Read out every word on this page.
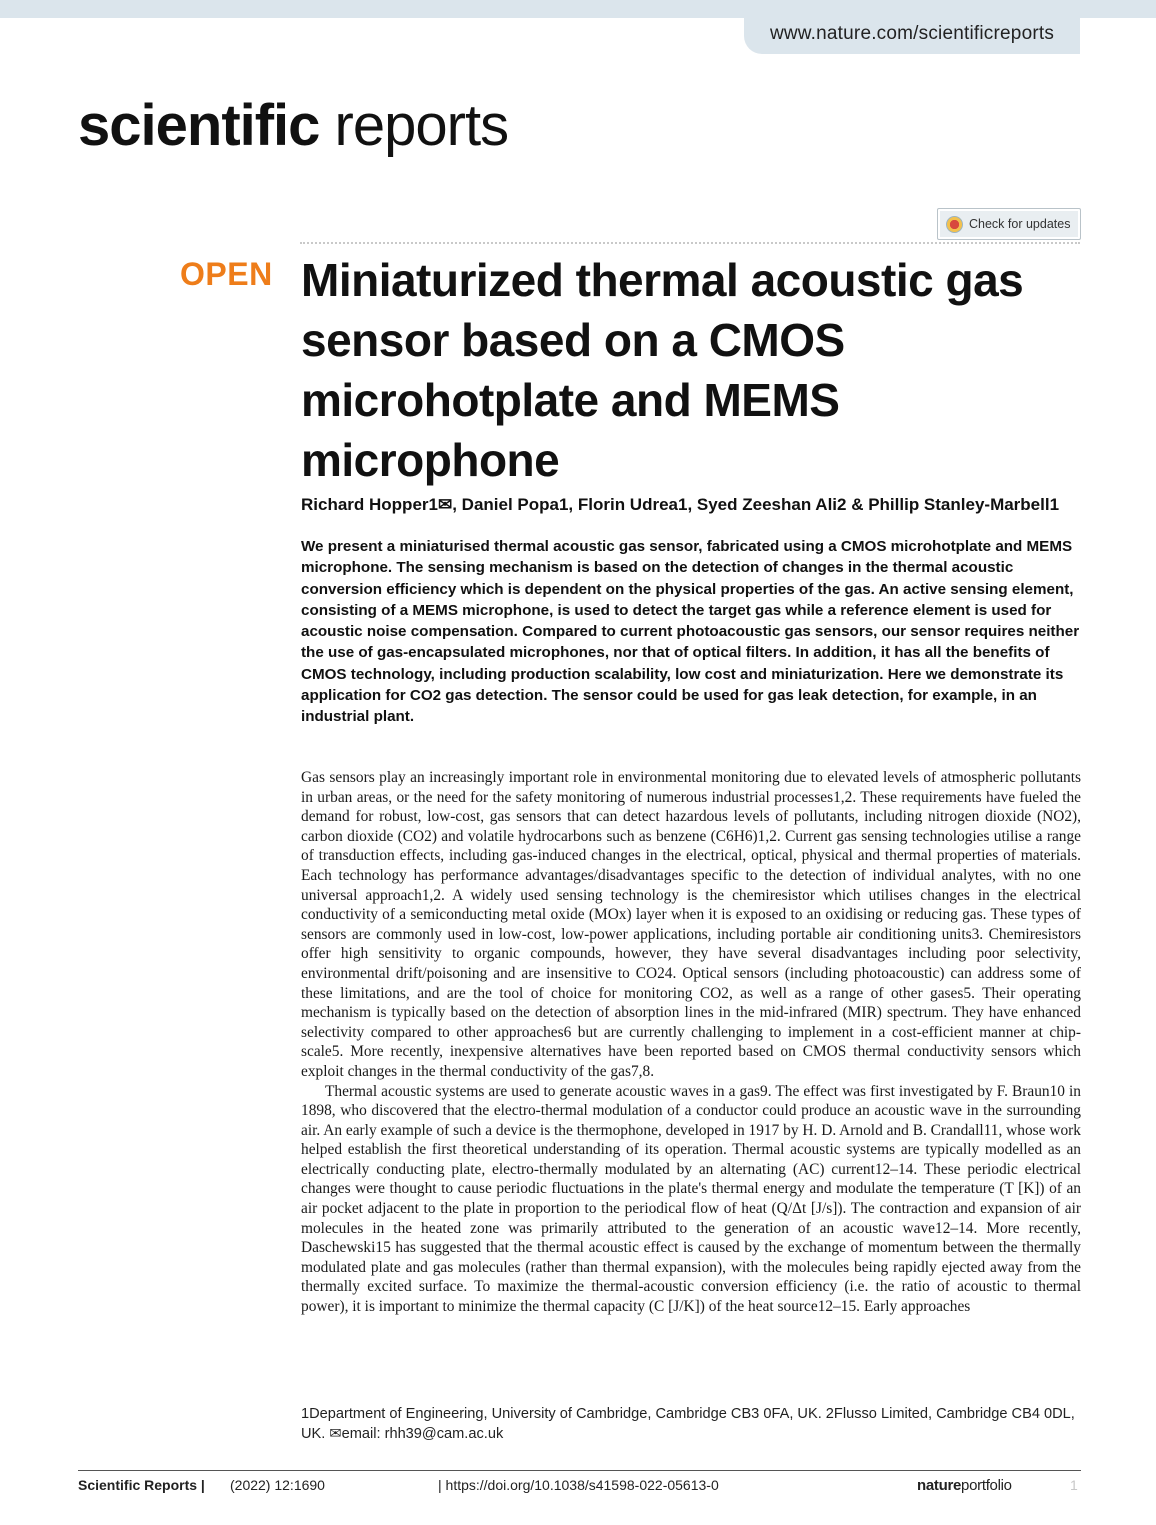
www.nature.com/scientificreports
scientific reports
Check for updates
OPEN Miniaturized thermal acoustic gas sensor based on a CMOS microhotplate and MEMS microphone
Richard Hopper1✉, Daniel Popa1, Florin Udrea1, Syed Zeeshan Ali2 & Phillip Stanley-Marbell1

We present a miniaturised thermal acoustic gas sensor, fabricated using a CMOS microhotplate and MEMS microphone. The sensing mechanism is based on the detection of changes in the thermal acoustic conversion efficiency which is dependent on the physical properties of the gas. An active sensing element, consisting of a MEMS microphone, is used to detect the target gas while a reference element is used for acoustic noise compensation. Compared to current photoacoustic gas sensors, our sensor requires neither the use of gas-encapsulated microphones, nor that of optical filters. In addition, it has all the benefits of CMOS technology, including production scalability, low cost and miniaturization. Here we demonstrate its application for CO2 gas detection. The sensor could be used for gas leak detection, for example, in an industrial plant.

Gas sensors play an increasingly important role in environmental monitoring due to elevated levels of atmospheric pollutants in urban areas, or the need for the safety monitoring of numerous industrial processes1,2. These requirements have fueled the demand for robust, low-cost, gas sensors that can detect hazardous levels of pollutants, including nitrogen dioxide (NO2), carbon dioxide (CO2) and volatile hydrocarbons such as benzene (C6H6)1,2. Current gas sensing technologies utilise a range of transduction effects, including gas-induced changes in the electrical, optical, physical and thermal properties of materials. Each technology has performance advantages/disadvantages specific to the detection of individual analytes, with no one universal approach1,2. A widely used sensing technology is the chemiresistor which utilises changes in the electrical conductivity of a semiconducting metal oxide (MOx) layer when it is exposed to an oxidising or reducing gas. These types of sensors are commonly used in low-cost, low-power applications, including portable air conditioning units3. Chemiresistors offer high sensitivity to organic compounds, however, they have several disadvantages including poor selectivity, environmental drift/poisoning and are insensitive to CO24. Optical sensors (including photoacoustic) can address some of these limitations, and are the tool of choice for monitoring CO2, as well as a range of other gases5. Their operating mechanism is typically based on the detection of absorption lines in the mid-infrared (MIR) spectrum. They have enhanced selectivity compared to other approaches6 but are currently challenging to implement in a cost-efficient manner at chip-scale5. More recently, inexpensive alternatives have been reported based on CMOS thermal conductivity sensors which exploit changes in the thermal conductivity of the gas7,8.

Thermal acoustic systems are used to generate acoustic waves in a gas9. The effect was first investigated by F. Braun10 in 1898, who discovered that the electro-thermal modulation of a conductor could produce an acoustic wave in the surrounding air. An early example of such a device is the thermophone, developed in 1917 by H. D. Arnold and B. Crandall11, whose work helped establish the first theoretical understanding of its operation. Thermal acoustic systems are typically modelled as an electrically conducting plate, electro-thermally modulated by an alternating (AC) current12–14. These periodic electrical changes were thought to cause periodic fluctuations in the plate's thermal energy and modulate the temperature (T [K]) of an air pocket adjacent to the plate in proportion to the periodical flow of heat (Q/Δt [J/s]). The contraction and expansion of air molecules in the heated zone was primarily attributed to the generation of an acoustic wave12–14. More recently, Daschewski15 has suggested that the thermal acoustic effect is caused by the exchange of momentum between the thermally modulated plate and gas molecules (rather than thermal expansion), with the molecules being rapidly ejected away from the thermally excited surface. To maximize the thermal-acoustic conversion efficiency (i.e. the ratio of acoustic to thermal power), it is important to minimize the thermal capacity (C [J/K]) of the heat source12–15. Early approaches

1Department of Engineering, University of Cambridge, Cambridge CB3 0FA, UK. 2Flusso Limited, Cambridge CB4 0DL, UK. ✉email: rhh39@cam.ac.uk

Scientific Reports | (2022) 12:1690	| https://doi.org/10.1038/s41598-022-05613-0	natureportfolio	1
